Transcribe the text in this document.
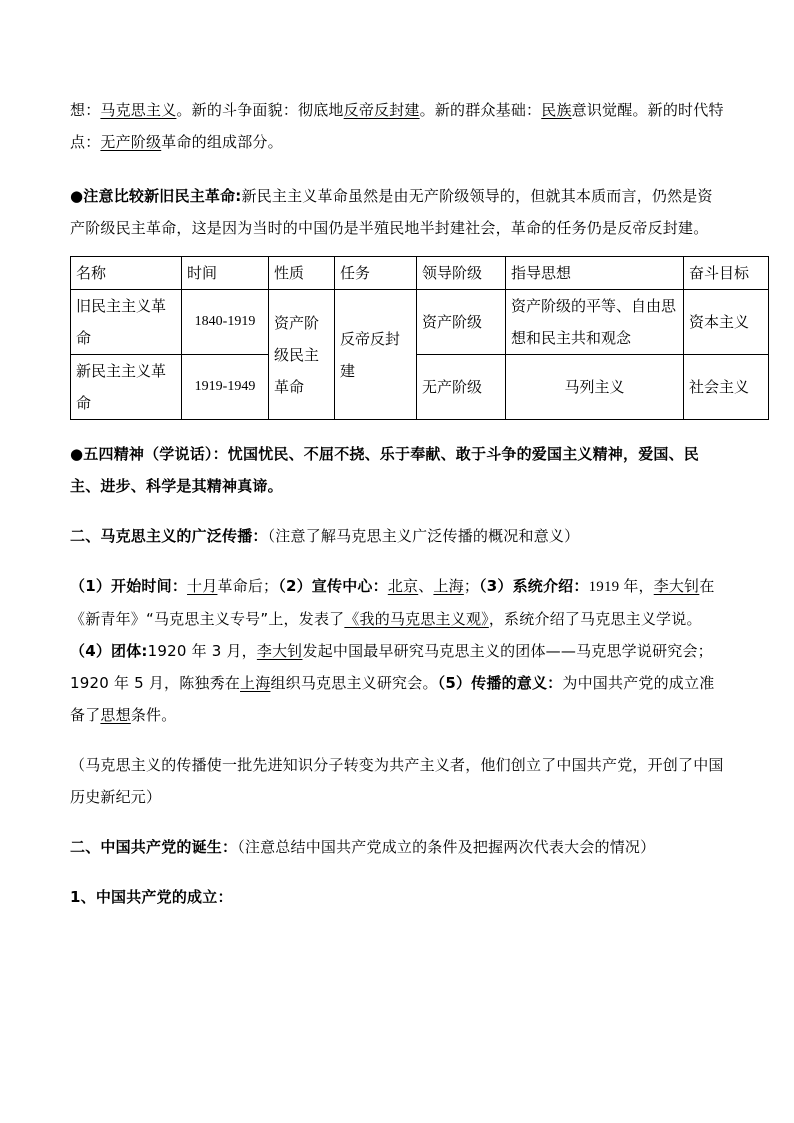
想：马克思主义。新的斗争面貌：彻底地反帝反封建。新的群众基础：民族意识觉醒。新的时代特点：无产阶级革命的组成部分。

●注意比较新旧民主革命:新民主主义革命虽然是由无产阶级领导的，但就其本质而言，仍然是资产阶级民主革命，这是因为当时的中国仍是半殖民地半封建社会，革命的任务仍是反帝反封建。

名称	时间	性质	任务	领导阶级	指导思想	奋斗目标
旧民主主义革命	1840-1919	资产阶级民主革命	反帝反封建	资产阶级	资产阶级的平等、自由思想和民主共和观念	资本主义
新民主主义革命	1919-1949			无产阶级	马列主义	社会主义

●五四精神（学说话）：忧国忧民、不屈不挠、乐于奉献、敢于斗争的爱国主义精神，爱国、民主、进步、科学是其精神真谛。

二、马克思主义的广泛传播：（注意了解马克思主义广泛传播的概况和意义）

（1）开始时间：十月革命后；（2）宣传中心：北京、上海；（3）系统介绍：1919 年，李大钊在《新青年》“马克思主义专号”上，发表了《我的马克思主义观》，系统介绍了马克思主义学说。（4）团体:1920 年 3 月，李大钊发起中国最早研究马克思主义的团体——马克思学说研究会；1920 年 5 月，陈独秀在上海组织马克思主义研究会。（5）传播的意义：为中国共产党的成立准备了思想条件。

（马克思主义的传播使一批先进知识分子转变为共产主义者，他们创立了中国共产党，开创了中国历史新纪元）

二、中国共产党的诞生：（注意总结中国共产党成立的条件及把握两次代表大会的情况）

1、中国共产党的成立：
